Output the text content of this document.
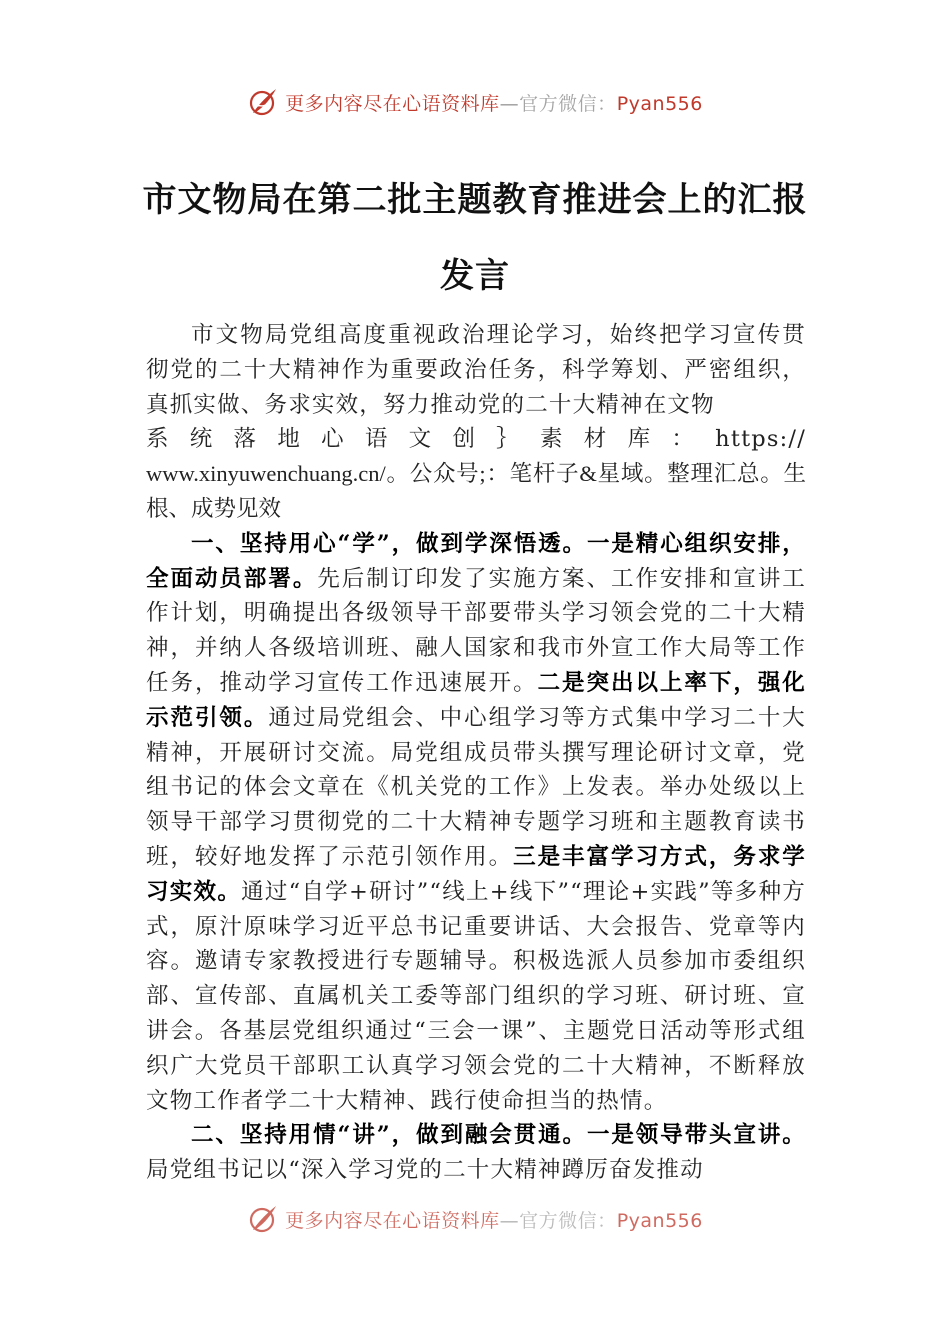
更多内容尽在心语资料库—官方微信：Pyan556
市文物局在第二批主题教育推进会上的汇报发言

市文物局党组高度重视政治理论学习，始终把学习宣传贯彻党的二十大精神作为重要政治任务，科学筹划、严密组织，真抓实做、务求实效，努力推动党的二十大精神在文物
系统落地心语文创｝素材库：https://
www.xinyuwenchuang.cn/。公众号;：笔杆子&星域。整理汇总。生根、成势见效

一、坚持用心“学”，做到学深悟透。一是精心组织安排，全面动员部署。先后制订印发了实施方案、工作安排和宣讲工作计划，明确提出各级领导干部要带头学习领会党的二十大精神，并纳人各级培训班、融人国家和我市外宣工作大局等工作任务，推动学习宣传工作迅速展开。二是突出以上率下，强化示范引领。通过局党组会、中心组学习等方式集中学习二十大精神，开展研讨交流。局党组成员带头撰写理论研讨文章，党组书记的体会文章在《机关党的工作》上发表。举办处级以上领导干部学习贯彻党的二十大精神专题学习班和主题教育读书班，较好地发挥了示范引领作用。三是丰富学习方式，务求学习实效。通过“自学+研讨”“线上+线下”“理论+实践”等多种方式，原汁原味学习近平总书记重要讲话、大会报告、党章等内容。邀请专家教授进行专题辅导。积极选派人员参加市委组织部、宣传部、直属机关工委等部门组织的学习班、研讨班、宣讲会。各基层党组织通过“三会一课”、主题党日活动等形式组织广大党员干部职工认真学习领会党的二十大精神，不断释放文物工作者学二十大精神、践行使命担当的热情。

二、坚持用情“讲”，做到融会贯通。一是领导带头宣讲。局党组书记以“深入学习党的二十大精神蹲厉奋发推动

更多内容尽在心语资料库—官方微信：Pyan556
